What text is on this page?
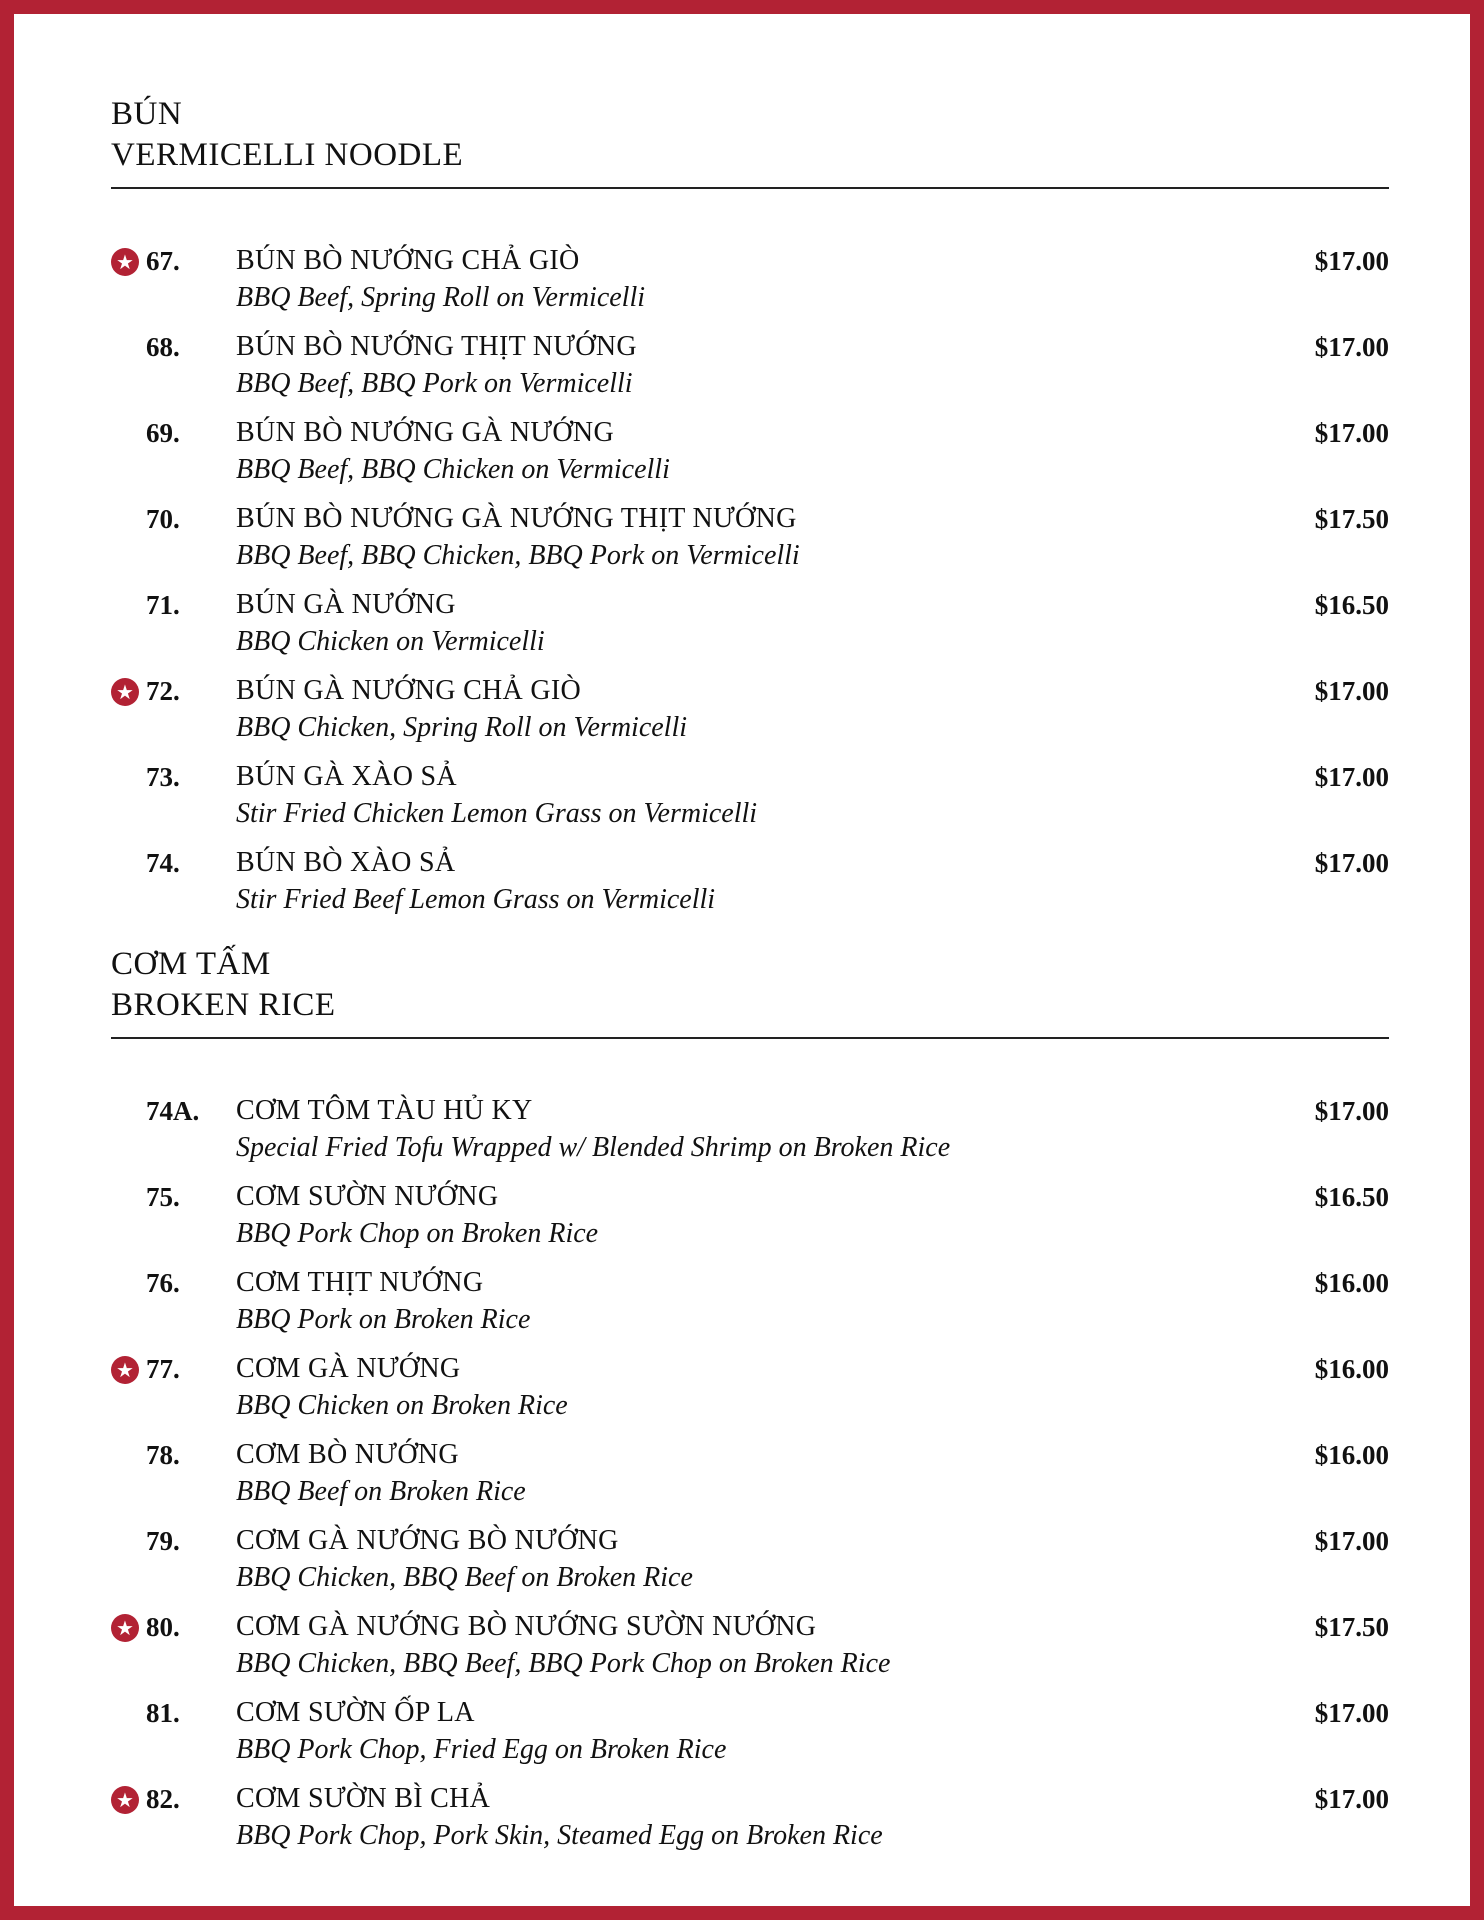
BÚN
VERMICELLI NOODLE
★ 67. BÚN BÒ NƯỚNG CHẢ GIÒ
BBQ Beef, Spring Roll on Vermicelli
$17.00
68. BÚN BÒ NƯỚNG THỊT NƯỚNG
BBQ Beef, BBQ Pork on Vermicelli
$17.00
69. BÚN BÒ NƯỚNG GÀ NƯỚNG
BBQ Beef, BBQ Chicken on Vermicelli
$17.00
70. BÚN BÒ NƯỚNG GÀ NƯỚNG THỊT NƯỚNG
BBQ Beef, BBQ Chicken, BBQ Pork on Vermicelli
$17.50
71. BÚN GÀ NƯỚNG
BBQ Chicken on Vermicelli
$16.50
★ 72. BÚN GÀ NƯỚNG CHẢ GIÒ
BBQ Chicken, Spring Roll on Vermicelli
$17.00
73. BÚN GÀ XÀO SẢ
Stir Fried Chicken Lemon Grass on Vermicelli
$17.00
74. BÚN BÒ XÀO SẢ
Stir Fried Beef Lemon Grass on Vermicelli
$17.00
CƠM TẤM
BROKEN RICE
74A. CƠM TÔM TÀU HỦ KY
Special Fried Tofu Wrapped w/ Blended Shrimp on Broken Rice
$17.00
75. CƠM SƯỜN NƯỚNG
BBQ Pork Chop on Broken Rice
$16.50
76. CƠM THỊT NƯỚNG
BBQ Pork on Broken Rice
$16.00
★ 77. CƠM GÀ NƯỚNG
BBQ Chicken on Broken Rice
$16.00
78. CƠM BÒ NƯỚNG
BBQ Beef on Broken Rice
$16.00
79. CƠM GÀ NƯỚNG BÒ NƯỚNG
BBQ Chicken, BBQ Beef on Broken Rice
$17.00
★ 80. CƠM GÀ NƯỚNG BÒ NƯỚNG SƯỜN NƯỚNG
BBQ Chicken, BBQ Beef, BBQ Pork Chop on Broken Rice
$17.50
81. CƠM SƯỜN ỐP LA
BBQ Pork Chop, Fried Egg on Broken Rice
$17.00
★ 82. CƠM SƯỜN BÌ CHẢ
BBQ Pork Chop, Pork Skin, Steamed Egg on Broken Rice
$17.00
